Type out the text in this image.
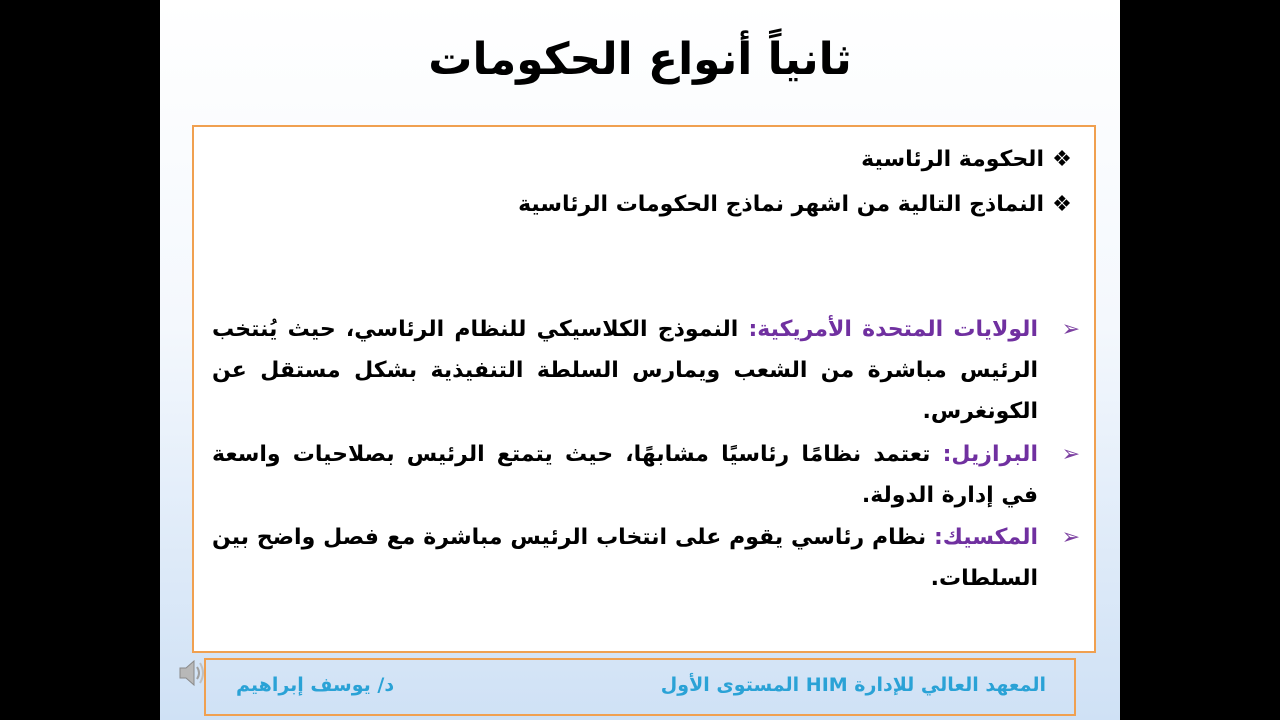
ثانياً أنواع الحكومات
❖الحكومة الرئاسية
❖النماذج التالية من اشهر نماذج الحكومات الرئاسية
➢
الولايات المتحدة الأمريكية: النموذج الكلاسيكي للنظام الرئاسي، حيث يُنتخب الرئيس مباشرة من الشعب ويمارس السلطة التنفيذية بشكل مستقل عن الكونغرس.
➢
البرازيل: تعتمد نظامًا رئاسيًا مشابهًا، حيث يتمتع الرئيس بصلاحيات واسعة في إدارة الدولة.
➢
المكسيك: نظام رئاسي يقوم على انتخاب الرئيس مباشرة مع فصل واضح بين السلطات.
د/ يوسف إبراهيم	المعهد العالي للإدارة HIM المستوى الأول
